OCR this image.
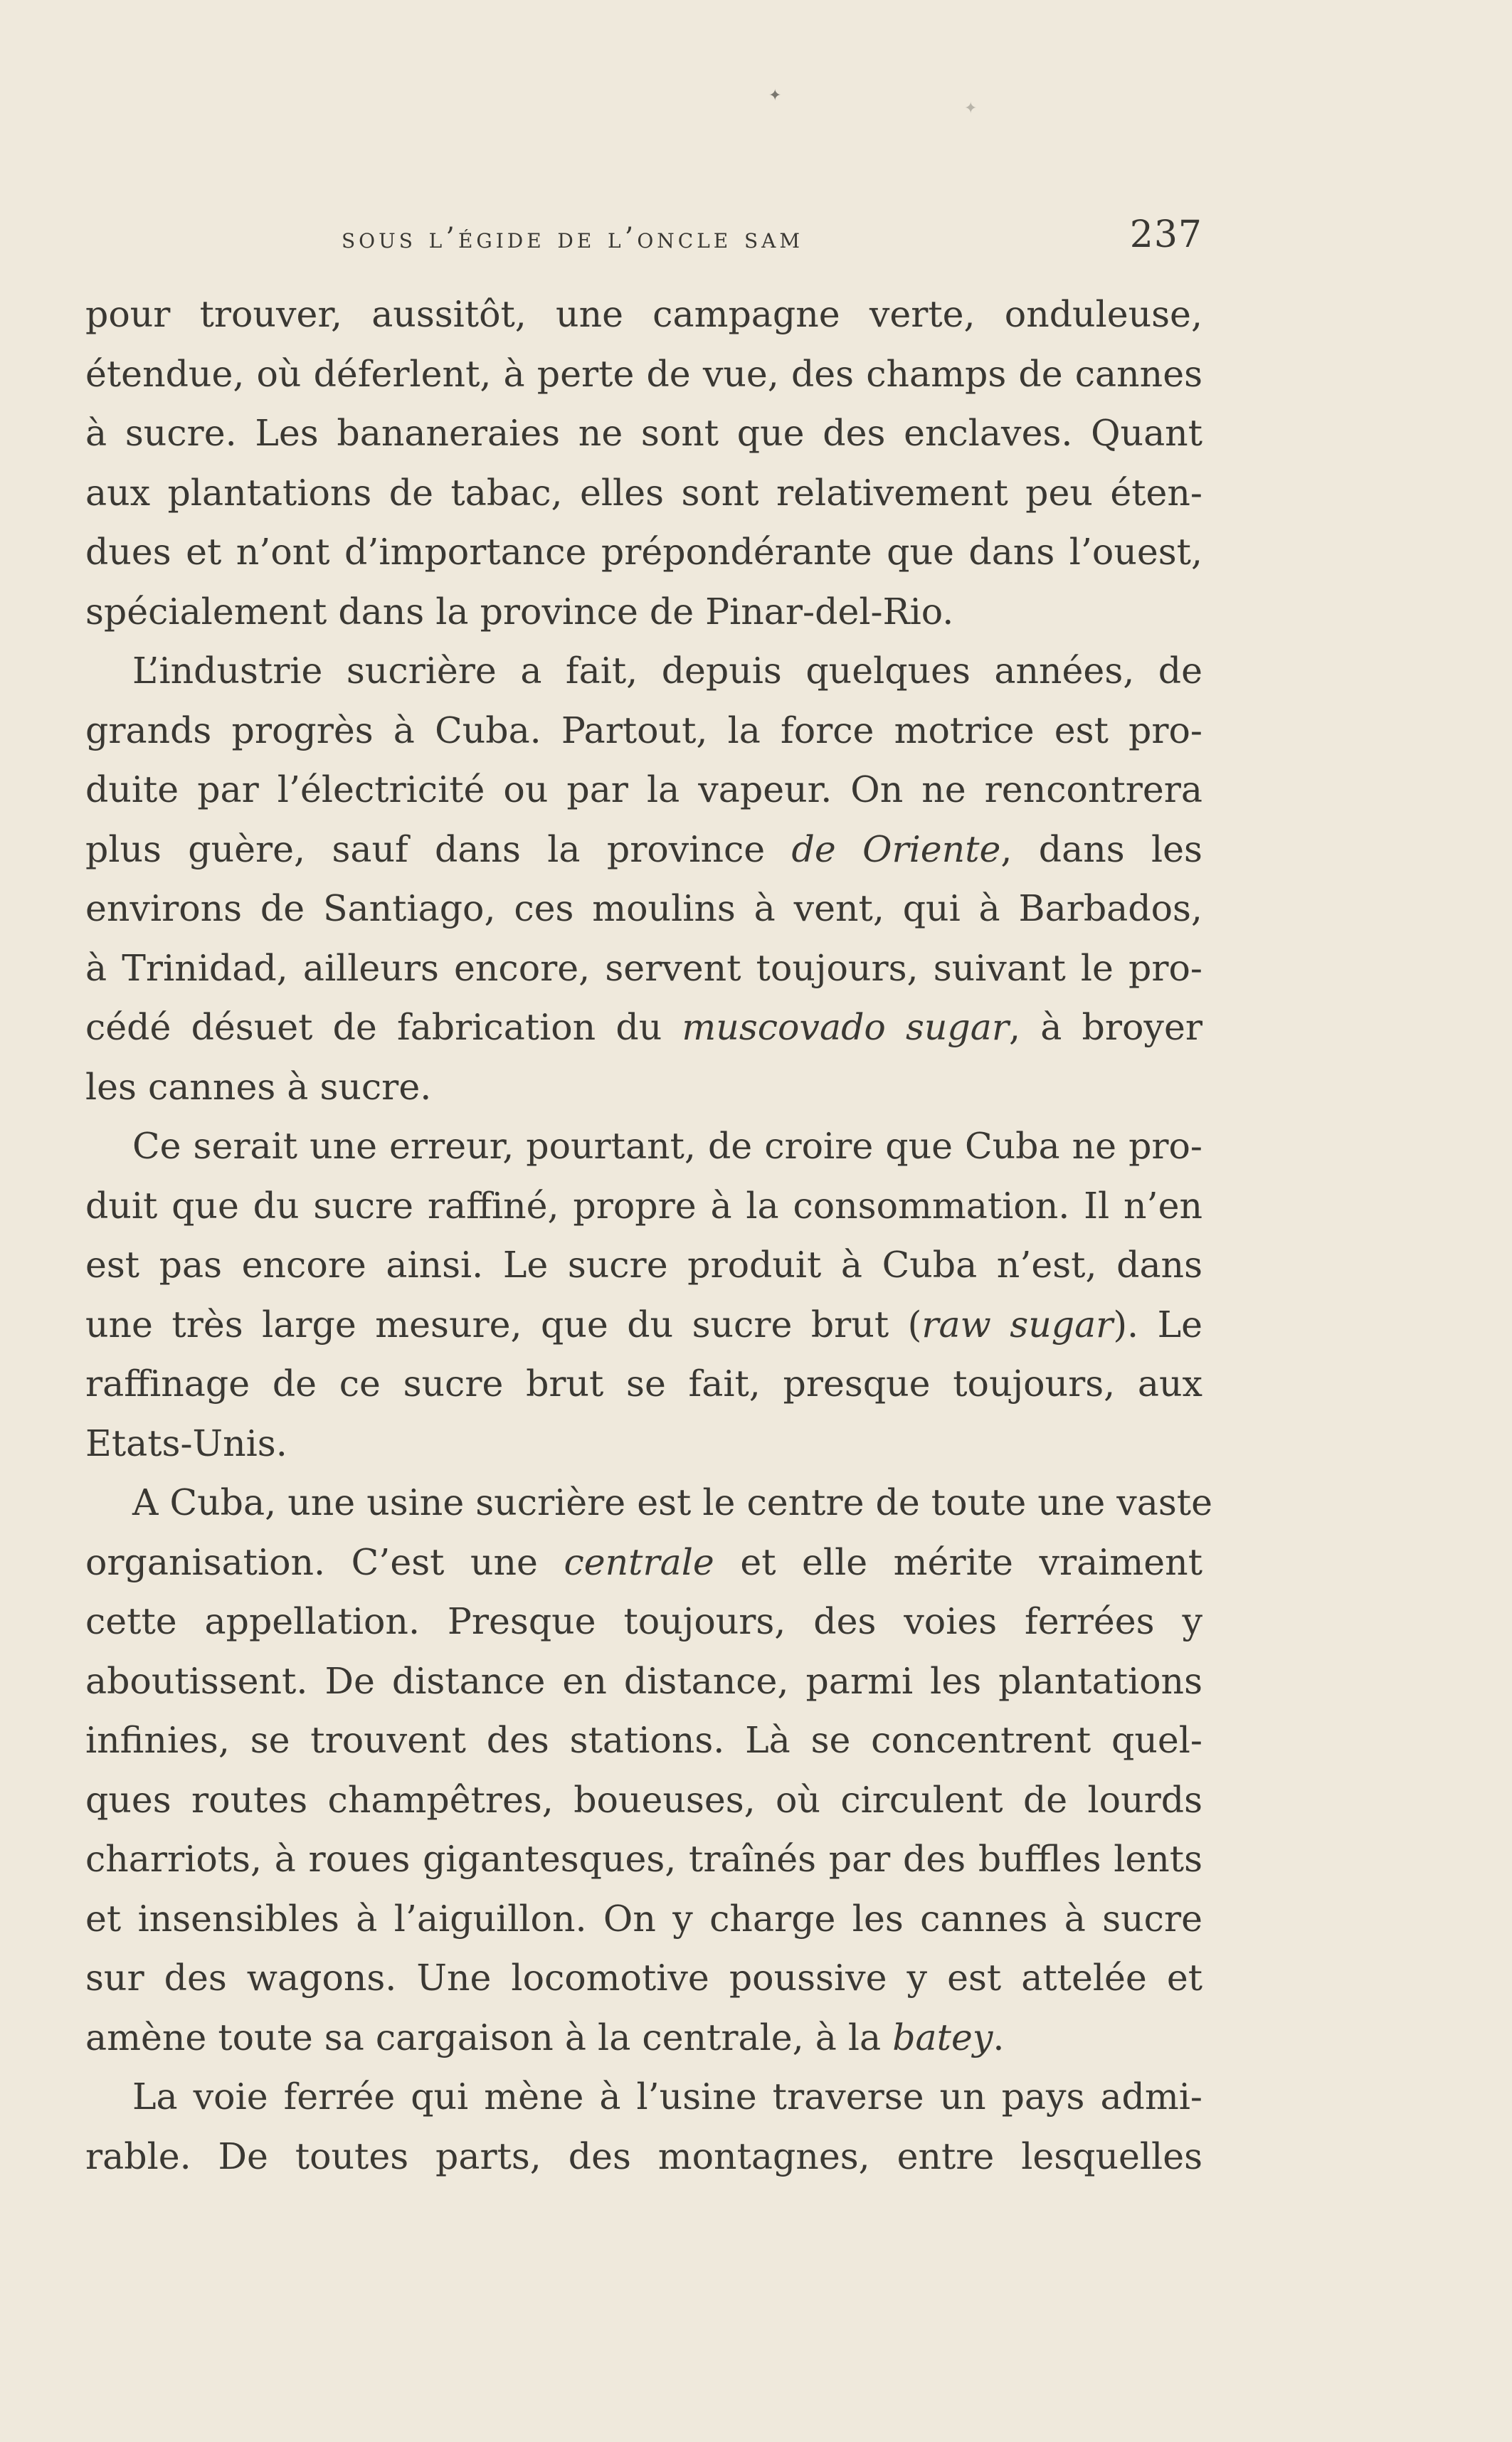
✦
✦
sous l’égide de l’oncle sam	237
pour trouver, aussitôt, une campagne verte, onduleuse,
étendue, où déferlent, à perte de vue, des champs de cannes
à sucre. Les bananeraies ne sont que des enclaves. Quant
aux plantations de tabac, elles sont relativement peu éten-
dues et n’ont d’importance prépondérante que dans l’ouest,
spécialement dans la province de Pinar-del-Rio.
L’industrie sucrière a fait, depuis quelques années, de
grands progrès à Cuba. Partout, la force motrice est pro-
duite par l’électricité ou par la vapeur. On ne rencontrera
plus guère, sauf dans la province de Oriente, dans les
environs de Santiago, ces moulins à vent, qui à Barbados,
à Trinidad, ailleurs encore, servent toujours, suivant le pro-
cédé désuet de fabrication du muscovado sugar, à broyer
les cannes à sucre.
Ce serait une erreur, pourtant, de croire que Cuba ne pro-
duit que du sucre raffiné, propre à la consommation. Il n’en
est pas encore ainsi. Le sucre produit à Cuba n’est, dans
une très large mesure, que du sucre brut (raw sugar). Le
raffinage de ce sucre brut se fait, presque toujours, aux
Etats-Unis.
A Cuba, une usine sucrière est le centre de toute une vaste
organisation. C’est une centrale et elle mérite vraiment
cette appellation. Presque toujours, des voies ferrées y
aboutissent. De distance en distance, parmi les plantations
infinies, se trouvent des stations. Là se concentrent quel-
ques routes champêtres, boueuses, où circulent de lourds
charriots, à roues gigantesques, traînés par des buffles lents
et insensibles à l’aiguillon. On y charge les cannes à sucre
sur des wagons. Une locomotive poussive y est attelée et
amène toute sa cargaison à la centrale, à la batey.
La voie ferrée qui mène à l’usine traverse un pays admi-
rable. De toutes parts, des montagnes, entre lesquelles
